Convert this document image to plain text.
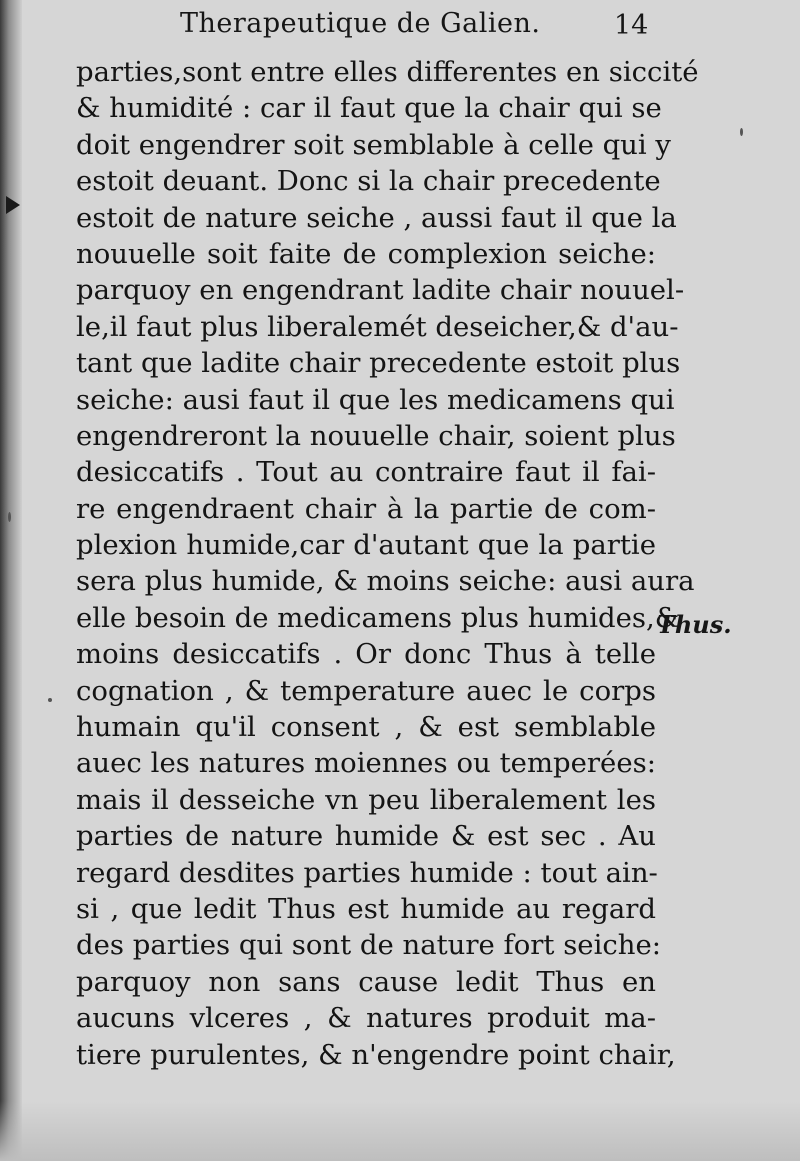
Therapeutique de Galien.	14
parties,sont entre elles differentes en siccité
& humidité : car il faut que la chair qui se
doit engendrer soit semblable à celle qui y
estoit deuant. Donc si la chair precedente
estoit de nature seiche , aussi faut il que la
nouuelle soit faite de complexion seiche:
parquoy en engendrant ladite chair nouuel-
le,il faut plus liberalemét deseicher,& d'au-
tant que ladite chair precedente estoit plus
seiche: ausi faut il que les medicamens qui
engendreront la nouuelle chair, soient plus
desiccatifs . Tout au contraire faut il fai-
re engendraent chair à la partie de com-
plexion humide,car d'autant que la partie
sera plus humide, & moins seiche: ausi aura
elle besoin de medicamens plus humides,&
moins desiccatifs . Or donc Thus à telle
cognation , & temperature auec le corps
humain qu'il consent , & est semblable
auec les natures moiennes ou temperées:
mais il desseiche vn peu liberalement les
parties de nature humide & est sec . Au
regard desdites parties humide : tout ain-
si , que ledit Thus est humide au regard
des parties qui sont de nature fort seiche:
parquoy non sans cause ledit Thus en
aucuns vlceres , & natures produit ma-
tiere purulentes, & n'engendre point chair,
Thus.
